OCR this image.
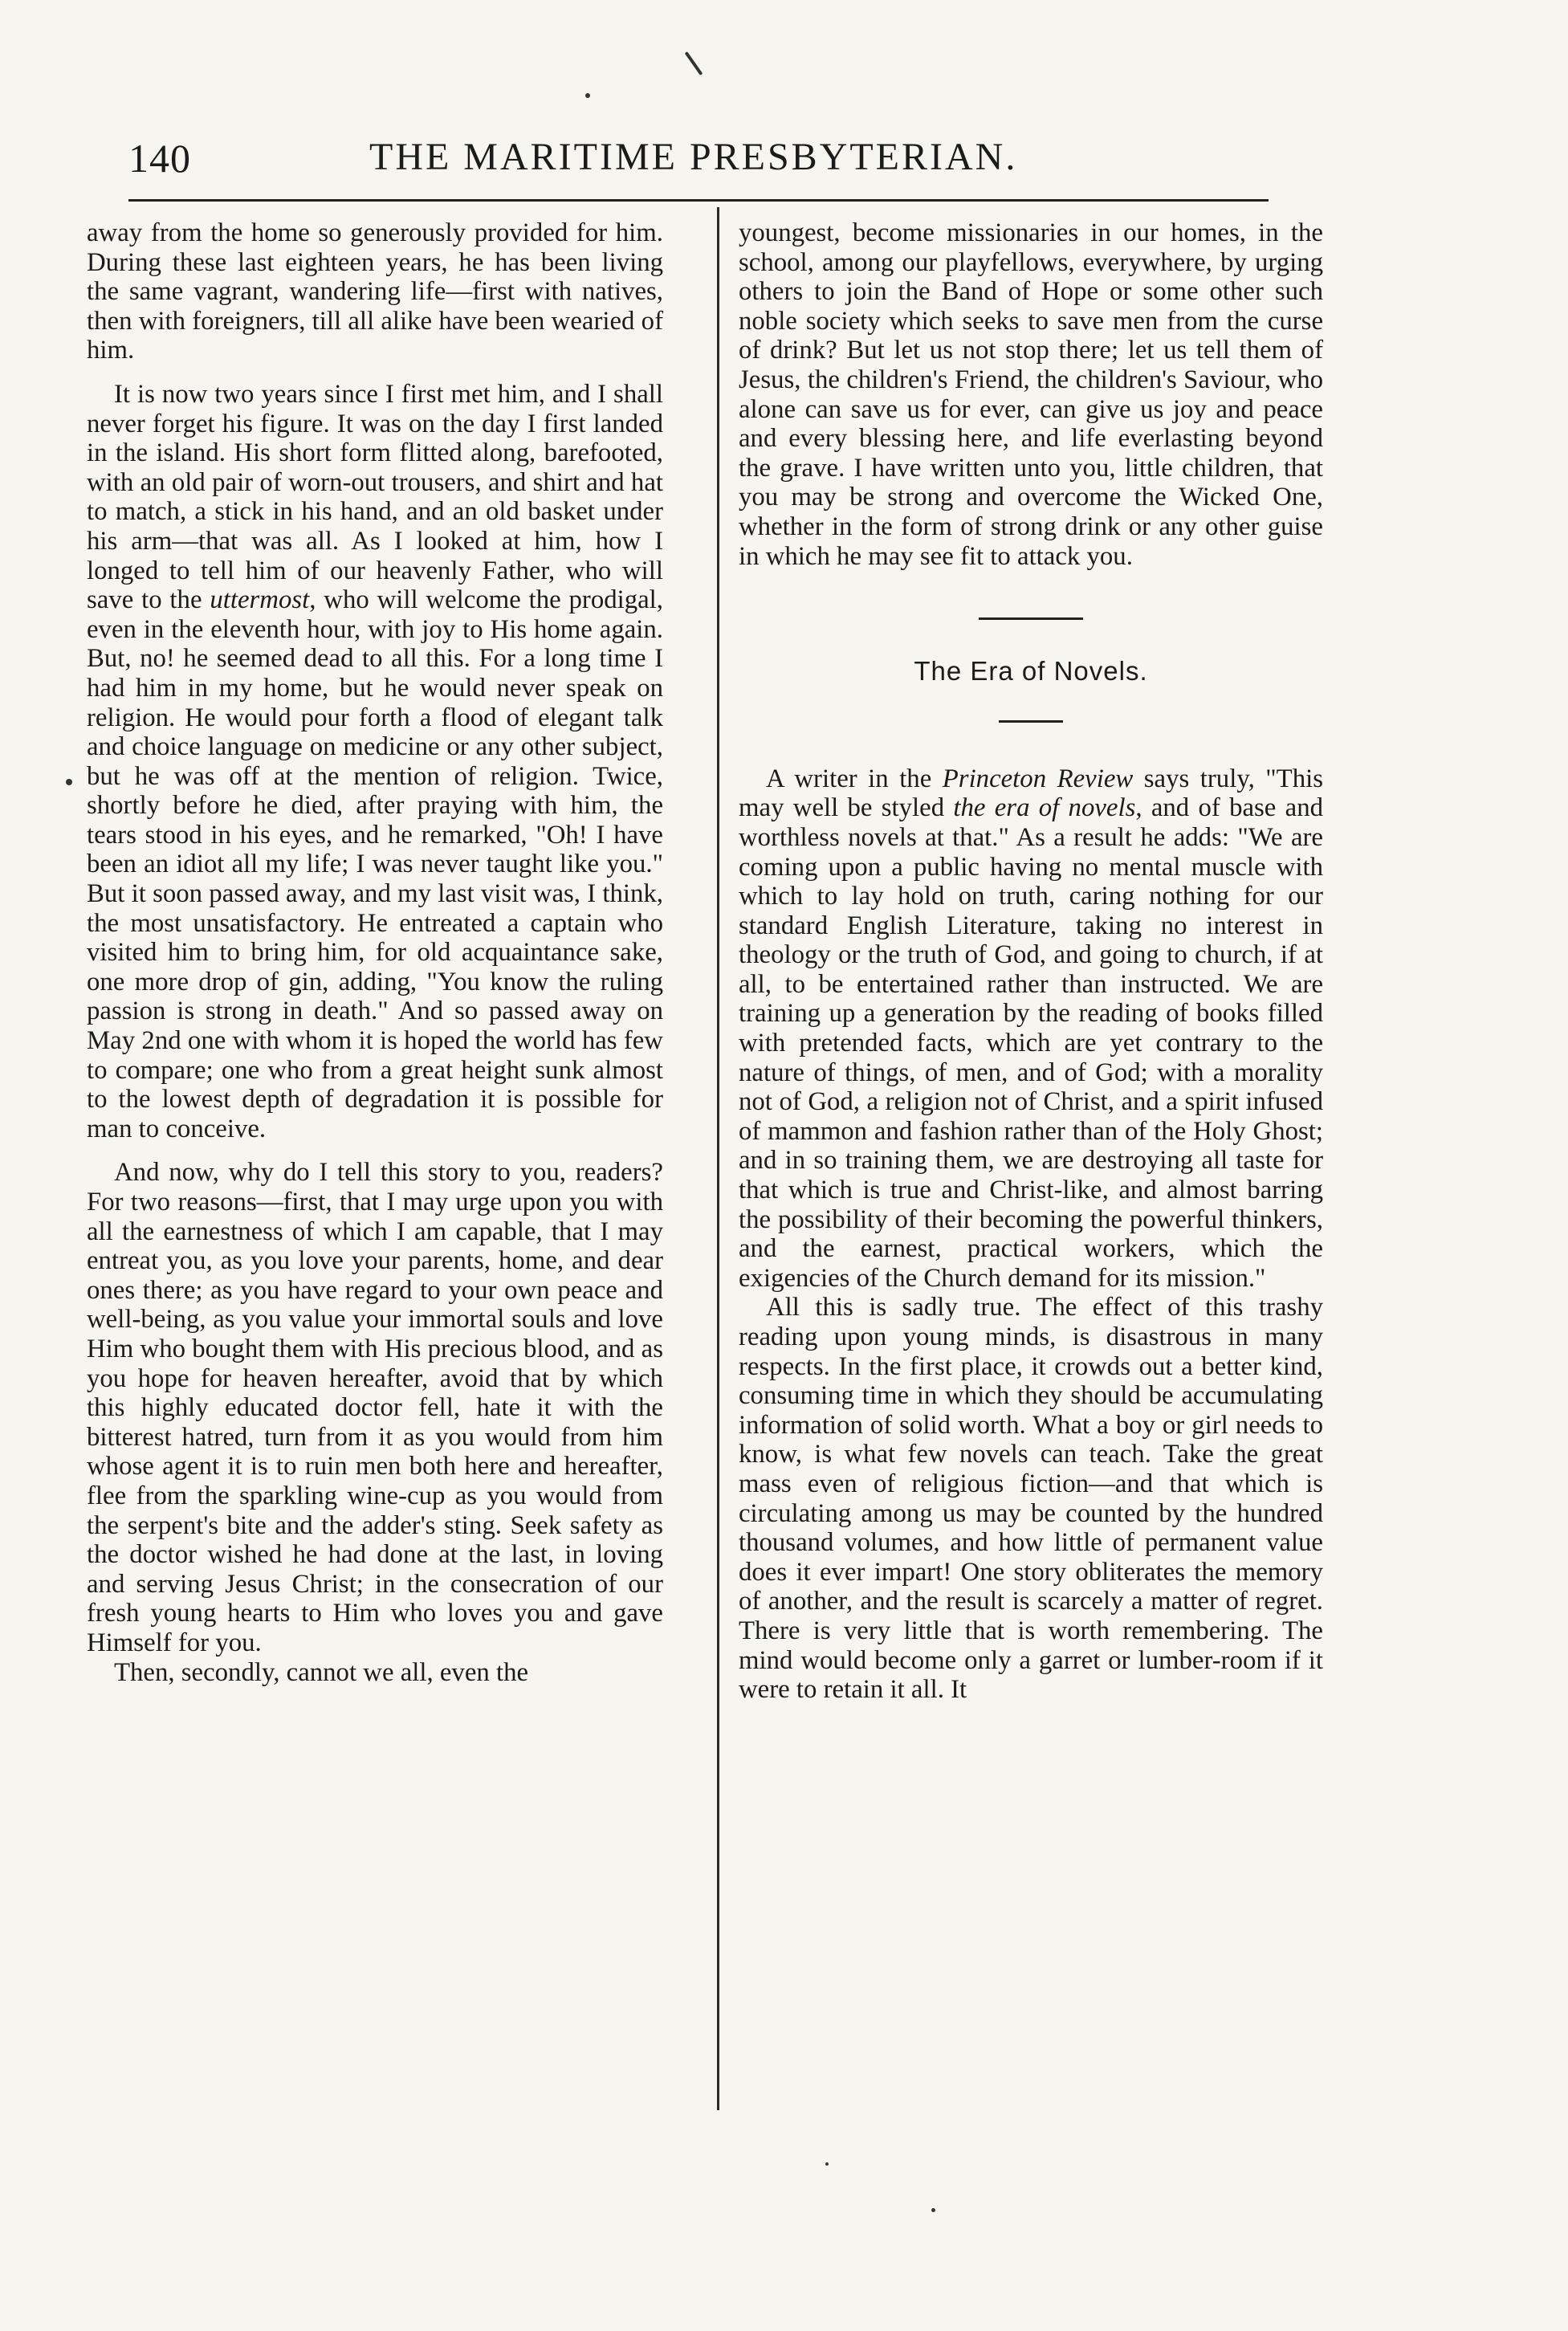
140	THE MARITIME PRESBYTERIAN.

away from the home so generously provided for him. During these last eighteen years, he has been living the same vagrant, wandering life—first with natives, then with foreigners, till all alike have been wearied of him.

It is now two years since I first met him, and I shall never forget his figure. It was on the day I first landed in the island. His short form flitted along, barefooted, with an old pair of worn-out trousers, and shirt and hat to match, a stick in his hand, and an old basket under his arm—that was all. As I looked at him, how I longed to tell him of our heavenly Father, who will save to the uttermost, who will welcome the prodigal, even in the eleventh hour, with joy to His home again. But, no! he seemed dead to all this. For a long time I had him in my home, but he would never speak on religion. He would pour forth a flood of elegant talk and choice language on medicine or any other subject, but he was off at the mention of religion. Twice, shortly before he died, after praying with him, the tears stood in his eyes, and he remarked, "Oh! I have been an idiot all my life; I was never taught like you." But it soon passed away, and my last visit was, I think, the most unsatisfactory. He entreated a captain who visited him to bring him, for old acquaintance sake, one more drop of gin, adding, "You know the ruling passion is strong in death." And so passed away on May 2nd one with whom it is hoped the world has few to compare; one who from a great height sunk almost to the lowest depth of degradation it is possible for man to conceive.

And now, why do I tell this story to you, readers? For two reasons—first, that I may urge upon you with all the earnestness of which I am capable, that I may entreat you, as you love your parents, home, and dear ones there; as you have regard to your own peace and well-being, as you value your immortal souls and love Him who bought them with His precious blood, and as you hope for heaven hereafter, avoid that by which this highly educated doctor fell, hate it with the bitterest hatred, turn from it as you would from him whose agent it is to ruin men both here and hereafter, flee from the sparkling wine-cup as you would from the serpent's bite and the adder's sting. Seek safety as the doctor wished he had done at the last, in loving and serving Jesus Christ; in the consecration of our fresh young hearts to Him who loves you and gave Himself for you.

Then, secondly, cannot we all, even the

youngest, become missionaries in our homes, in the school, among our playfellows, everywhere, by urging others to join the Band of Hope or some other such noble society which seeks to save men from the curse of drink? But let us not stop there; let us tell them of Jesus, the children's Friend, the children's Saviour, who alone can save us for ever, can give us joy and peace and every blessing here, and life everlasting beyond the grave. I have written unto you, little children, that you may be strong and overcome the Wicked One, whether in the form of strong drink or any other guise in which he may see fit to attack you.

The Era of Novels.

A writer in the Princeton Review says truly, "This may well be styled the era of novels, and of base and worthless novels at that." As a result he adds: "We are coming upon a public having no mental muscle with which to lay hold on truth, caring nothing for our standard English Literature, taking no interest in theology or the truth of God, and going to church, if at all, to be entertained rather than instructed. We are training up a generation by the reading of books filled with pretended facts, which are yet contrary to the nature of things, of men, and of God; with a morality not of God, a religion not of Christ, and a spirit infused of mammon and fashion rather than of the Holy Ghost; and in so training them, we are destroying all taste for that which is true and Christ-like, and almost barring the possibility of their becoming the powerful thinkers, and the earnest, practical workers, which the exigencies of the Church demand for its mission."

All this is sadly true. The effect of this trashy reading upon young minds, is disastrous in many respects. In the first place, it crowds out a better kind, consuming time in which they should be accumulating information of solid worth. What a boy or girl needs to know, is what few novels can teach. Take the great mass even of religious fiction—and that which is circulating among us may be counted by the hundred thousand volumes, and how little of permanent value does it ever impart! One story obliterates the memory of another, and the result is scarcely a matter of regret. There is very little that is worth remembering. The mind would become only a garret or lumber-room if it were to retain it all. It
